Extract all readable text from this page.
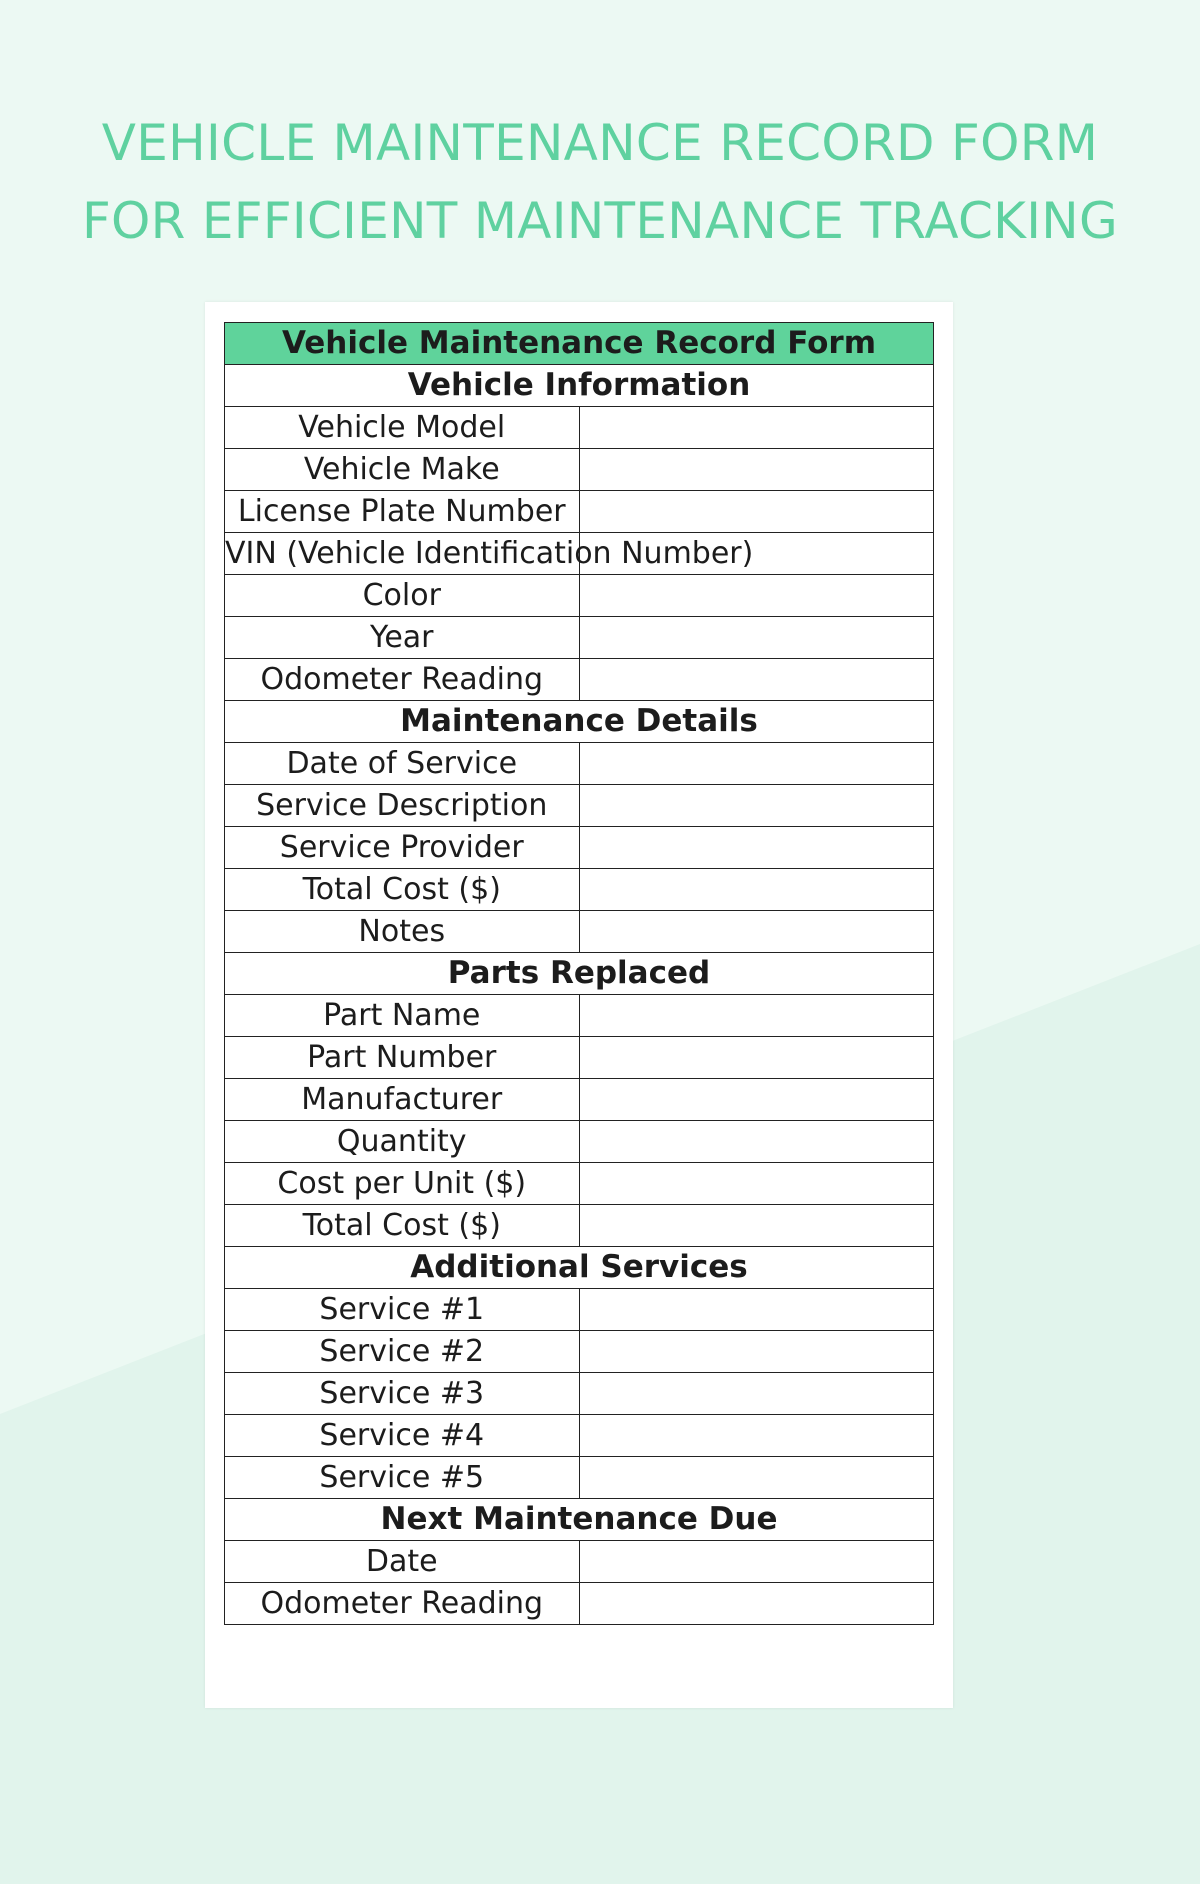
VEHICLE MAINTENANCE RECORD FORM
FOR EFFICIENT MAINTENANCE TRACKING
Vehicle Maintenance Record Form	
Vehicle Information	
Vehicle Model	
Vehicle Make	
License Plate Number	
VIN (Vehicle Identification Number)	
Color	
Year	
Odometer Reading	
Maintenance Details	
Date of Service	
Service Description	
Service Provider	
Total Cost ($)	
Notes	
Parts Replaced	
Part Name	
Part Number	
Manufacturer	
Quantity	
Cost per Unit ($)	
Total Cost ($)	
Additional Services	
Service #1	
Service #2	
Service #3	
Service #4	
Service #5	
Next Maintenance Due	
Date	
Odometer Reading	
